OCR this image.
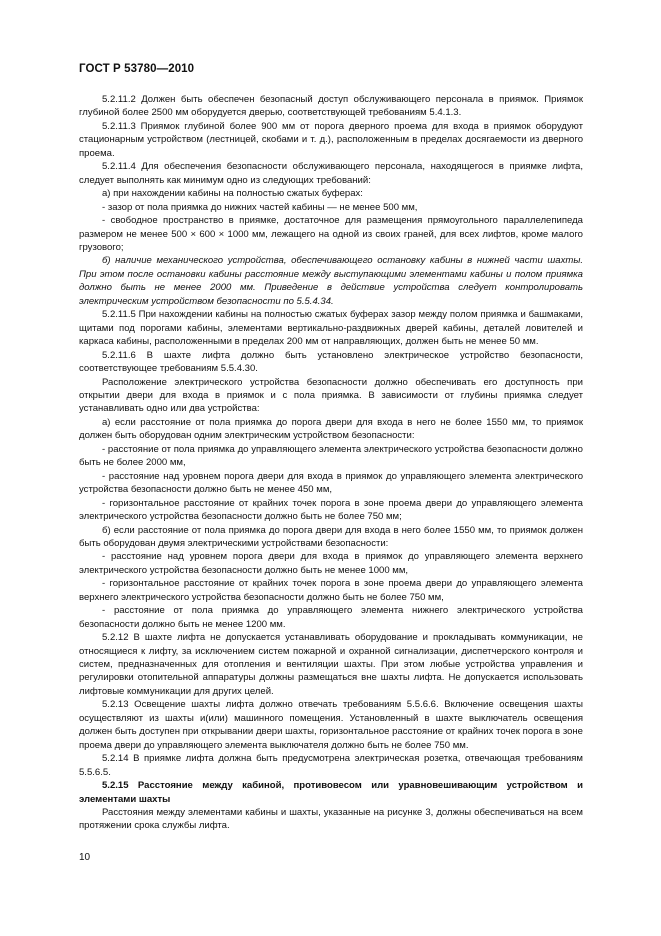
ГОСТ Р 53780—2010

5.2.11.2 Должен быть обеспечен безопасный доступ обслуживающего персонала в приямок. Приямок глубиной более 2500 мм оборудуется дверью, соответствующей требованиям 5.4.1.3.

5.2.11.3 Приямок глубиной более 900 мм от порога дверного проема для входа в приямок оборудуют стационарным устройством (лестницей, скобами и т. д.), расположенным в пределах досягаемости из дверного проема.

5.2.11.4 Для обеспечения безопасности обслуживающего персонала, находящегося в приямке лифта, следует выполнять как минимум одно из следующих требований:

а) при нахождении кабины на полностью сжатых буферах:

- зазор от пола приямка до нижних частей кабины — не менее 500 мм,

- свободное пространство в приямке, достаточное для размещения прямоугольного параллелепипеда размером не менее 500 × 600 × 1000 мм, лежащего на одной из своих граней, для всех лифтов, кроме малого грузового;

б) наличие механического устройства, обеспечивающего остановку кабины в нижней части шахты. При этом после остановки кабины расстояние между выступающими элементами кабины и полом приямка должно быть не менее 2000 мм. Приведение в действие устройства следует контролировать электрическим устройством безопасности по 5.5.4.34.

5.2.11.5 При нахождении кабины на полностью сжатых буферах зазор между полом приямка и башмаками, щитами под порогами кабины, элементами вертикально-раздвижных дверей кабины, деталей ловителей и каркаса кабины, расположенными в пределах 200 мм от направляющих, должен быть не менее 50 мм.

5.2.11.6 В шахте лифта должно быть установлено электрическое устройство безопасности, соответствующее требованиям 5.5.4.30.

Расположение электрического устройства безопасности должно обеспечивать его доступность при открытии двери для входа в приямок и с пола приямка. В зависимости от глубины приямка следует устанавливать одно или два устройства:

а) если расстояние от пола приямка до порога двери для входа в него не более 1550 мм, то приямок должен быть оборудован одним электрическим устройством безопасности:

- расстояние от пола приямка до управляющего элемента электрического устройства безопасности должно быть не более 2000 мм,

- расстояние над уровнем порога двери для входа в приямок до управляющего элемента электрического устройства безопасности должно быть не менее 450 мм,

- горизонтальное расстояние от крайних точек порога в зоне проема двери до управляющего элемента электрического устройства безопасности должно быть не более 750 мм;

б) если расстояние от пола приямка до порога двери для входа в него более 1550 мм, то приямок должен быть оборудован двумя электрическими устройствами безопасности:

- расстояние над уровнем порога двери для входа в приямок до управляющего элемента верхнего электрического устройства безопасности должно быть не менее 1000 мм,

- горизонтальное расстояние от крайних точек порога в зоне проема двери до управляющего элемента верхнего электрического устройства безопасности должно быть не более 750 мм,

- расстояние от пола приямка до управляющего элемента нижнего электрического устройства безопасности должно быть не менее 1200 мм.

5.2.12 В шахте лифта не допускается устанавливать оборудование и прокладывать коммуникации, не относящиеся к лифту, за исключением систем пожарной и охранной сигнализации, диспетчерского контроля и систем, предназначенных для отопления и вентиляции шахты. При этом любые устройства управления и регулировки отопительной аппаратуры должны размещаться вне шахты лифта. Не допускается использовать лифтовые коммуникации для других целей.

5.2.13 Освещение шахты лифта должно отвечать требованиям 5.5.6.6. Включение освещения шахты осуществляют из шахты и(или) машинного помещения. Установленный в шахте выключатель освещения должен быть доступен при открывании двери шахты, горизонтальное расстояние от крайних точек порога в зоне проема двери до управляющего элемента выключателя должно быть не более 750 мм.

5.2.14 В приямке лифта должна быть предусмотрена электрическая розетка, отвечающая требованиям 5.5.6.5.

5.2.15 Расстояние между кабиной, противовесом или уравновешивающим устройством и элементами шахты

Расстояния между элементами кабины и шахты, указанные на рисунке 3, должны обеспечиваться на всем протяжении срока службы лифта.

10
